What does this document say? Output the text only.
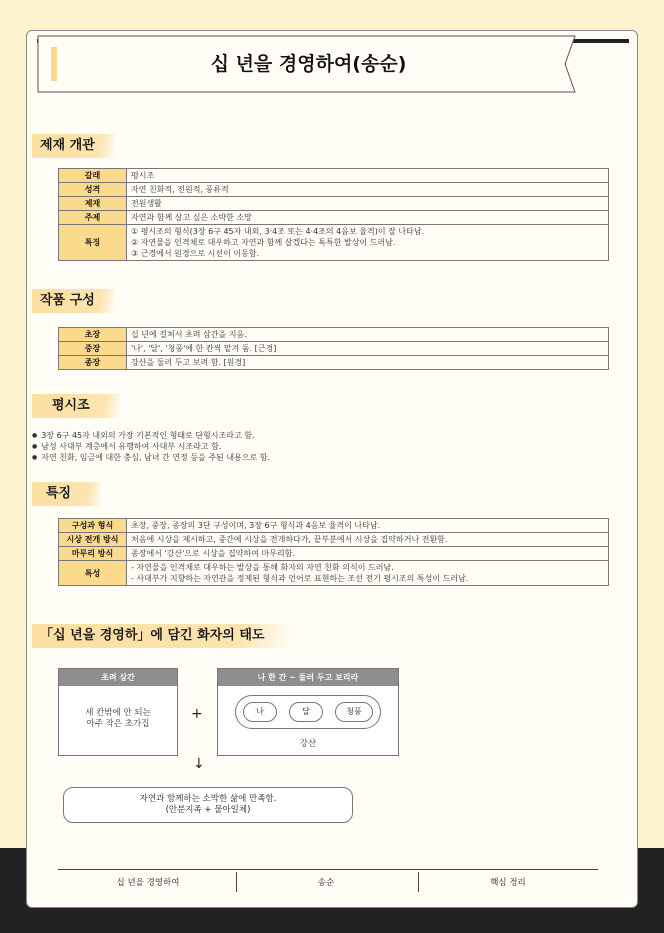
십 년을 경영하여(송순)
제재 개관
갈래	평시조
성격	자연 친화적, 전원적, 풍류적
제재	전원생활
주제	자연과 함께 살고 싶은 소박한 소망
특징	① 평시조의 형식(3장 6구 45자 내외, 3·4조 또는 4·4조의 4음보 율격)이 잘 나타남.
② 자연물을 인격체로 대우하고 자연과 함께 살겠다는 독특한 발상이 드러남.
③ 근경에서 원경으로 시선이 이동함.
작품 구성
초장	십 년에 걸쳐서 초려 삼간을 지음.
중장	'나', '달', '청풍'에 한 칸씩 맡겨 둠. [근경]
종장	강산을 둘러 두고 보려 함. [원경]
평시조
● 3장 6구 45자 내외의 가장 기본적인 형태로 단형시조라고 함.
● 남성 사대부 계층에서 유행하여 사대부 시조라고 함.
● 자연 친화, 임금에 대한 충심, 남녀 간 연정 등을 주된 내용으로 함.
특징
구성과 형식	초장, 중장, 종장의 3단 구성이며, 3장 6구 형식과 4음보 율격이 나타남.
시상 전개 방식	처음에 시상을 제시하고, 중간에 시상을 전개하다가, 끝부분에서 시상을 집약하거나 전환함.
마무리 방식	종장에서 '강산'으로 시상을 집약하여 마무리함.
특성	- 자연물을 인격체로 대우하는 발상을 통해 화자의 자연 친화 의식이 드러남.
- 사대부가 지향하는 자연관을 정제된 형식과 언어로 표현하는 조선 전기 평시조의 특성이 드러남.
「십 년을 경영하」에 담긴 화자의 태도
초려 삼간
세 칸밖에 안 되는
아주 작은 초가집
+
나 한 간 ~ 둘러 두고 보리라
나	달	청풍
강산
↓
자연과 함께하는 소박한 삶에 만족함.
(안분지족 + 물아일체)
십 년을 경영하여	송순	핵심 정리
